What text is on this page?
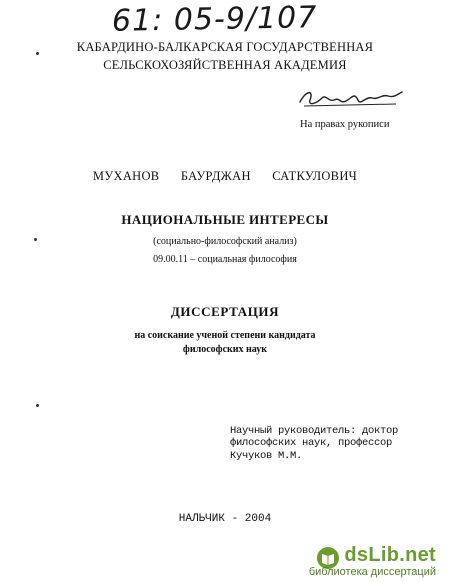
61: 05-9/107
КАБАРДИНО-БАЛКАРСКАЯ ГОСУДАРСТВЕННАЯ
СЕЛЬСКОХОЗЯЙСТВЕННАЯ АКАДЕМИЯ
На правах рукописи
МУХАНОВ БАУРДЖАН САТКУЛОВИЧ
НАЦИОНАЛЬНЫЕ ИНТЕРЕСЫ
(социально-философский анализ)
09.00.11 – социальная философия
ДИССЕРТАЦИЯ
на соискание ученой степени кандидата
философских наук
Научный руководитель: доктор
философских наук, профессор
Кучуков М.М.
НАЛЬЧИК - 2004
dsLib.net
библиотека диссертаций
